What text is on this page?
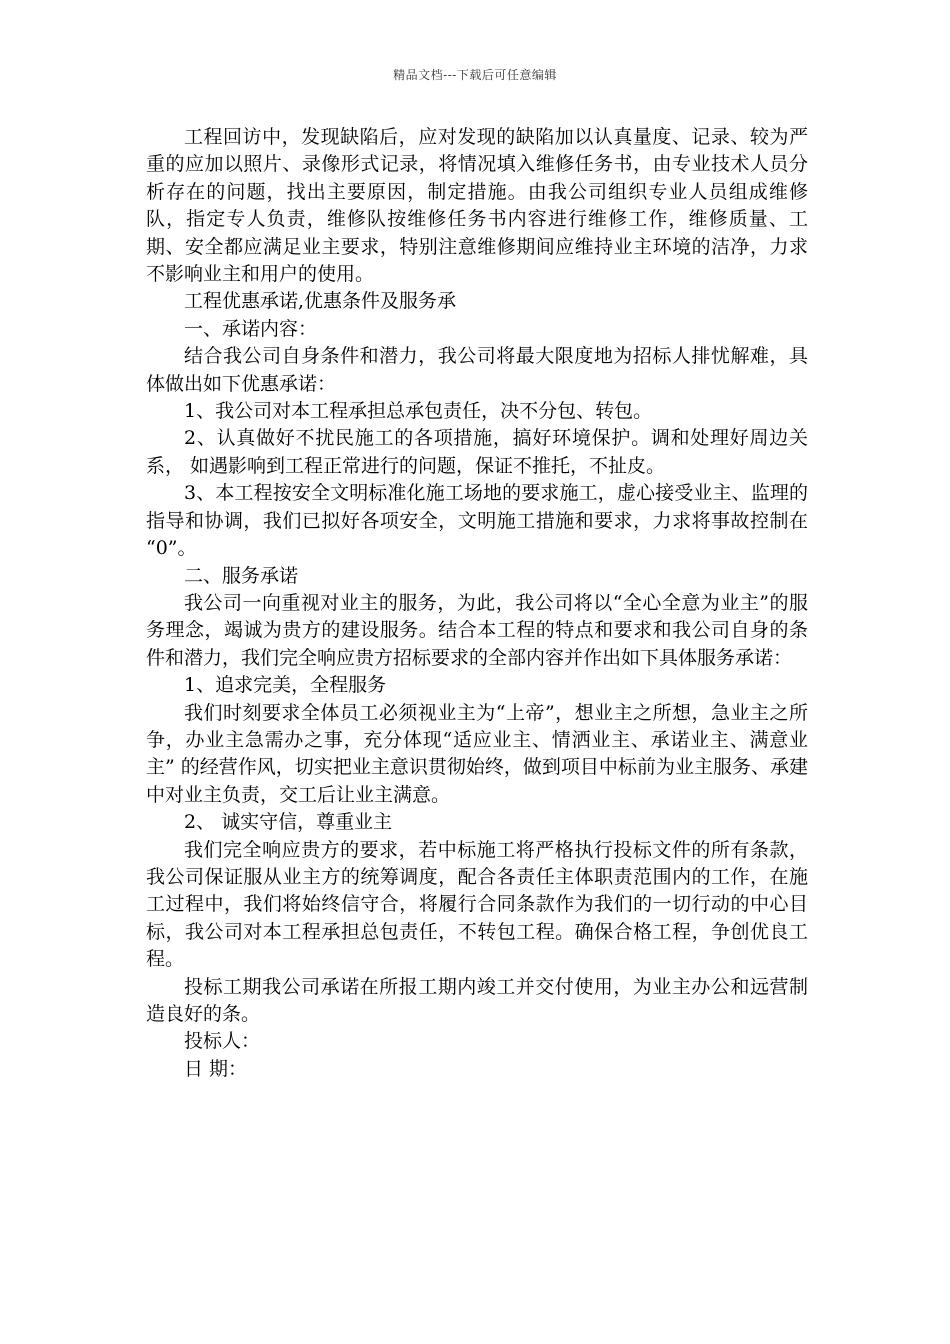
精品文档---下载后可任意编辑

工程回访中，发现缺陷后，应对发现的缺陷加以认真量度、记录、较为严重的应加以照片、录像形式记录，将情况填入维修任务书，由专业技术人员分析存在的问题，找出主要原因，制定措施。由我公司组织专业人员组成维修队，指定专人负责，维修队按维修任务书内容进行维修工作，维修质量、工期、安全都应满足业主要求，特别注意维修期间应维持业主环境的洁净，力求不影响业主和用户的使用。

工程优惠承诺,优惠条件及服务承

一、承诺内容：

结合我公司自身条件和潜力，我公司将最大限度地为招标人排忧解难，具体做出如下优惠承诺：

1、我公司对本工程承担总承包责任，决不分包、转包。

2、认真做好不扰民施工的各项措施，搞好环境保护。调和处理好周边关系， 如遇影响到工程正常进行的问题，保证不推托，不扯皮。

3、本工程按安全文明标准化施工场地的要求施工，虚心接受业主、监理的指导和协调，我们已拟好各项安全，文明施工措施和要求，力求将事故控制在 “0”。

二、服务承诺

我公司一向重视对业主的服务，为此，我公司将以“全心全意为业主”的服务理念，竭诚为贵方的建设服务。结合本工程的特点和要求和我公司自身的条件和潜力，我们完全响应贵方招标要求的全部内容并作出如下具体服务承诺：

1、追求完美，全程服务

我们时刻要求全体员工必须视业主为“上帝”，想业主之所想，急业主之所争，办业主急需办之事，充分体现“适应业主、情洒业主、承诺业主、满意业主” 的经营作风，切实把业主意识贯彻始终，做到项目中标前为业主服务、承建中对业主负责，交工后让业主满意。

2、 诚实守信，尊重业主

我们完全响应贵方的要求，若中标施工将严格执行投标文件的所有条款，我公司保证服从业主方的统筹调度，配合各责任主体职责范围内的工作，在施工过程中，我们将始终信守合，将履行合同条款作为我们的一切行动的中心目标，我公司对本工程承担总包责任，不转包工程。确保合格工程，争创优良工程。

投标工期我公司承诺在所报工期内竣工并交付使用，为业主办公和远营制造良好的条。

投标人：

日 期：
